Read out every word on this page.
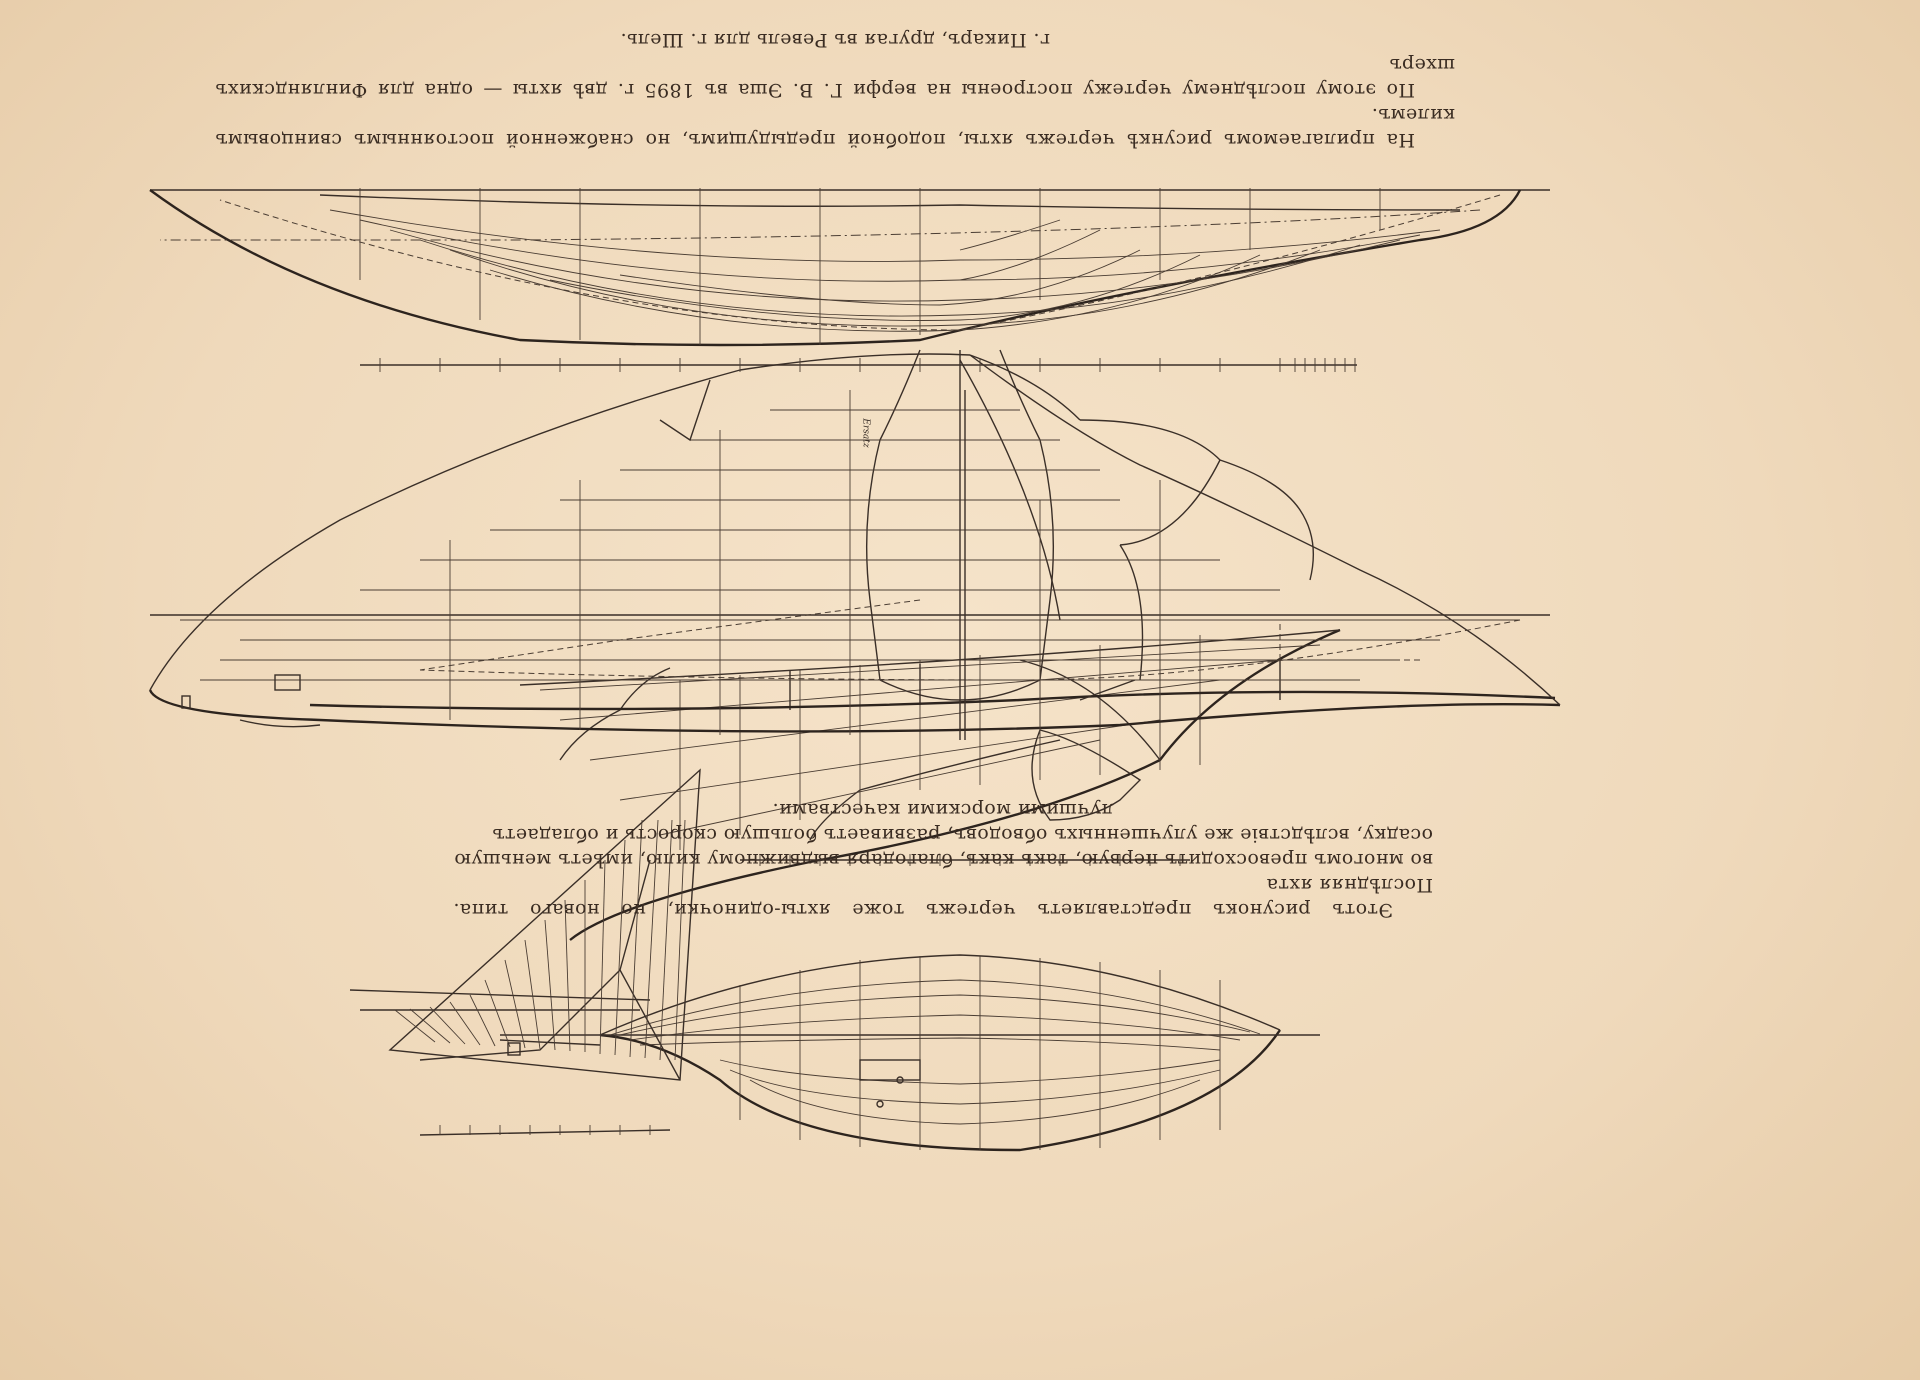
Этотъ рисунокъ представляетъ чертежъ тоже яхты-одиночки, но новаго типа. Послѣдняя яхта

во многомъ превосходитъ первую, такъ какъ, благодаря выдвижному килю, имѣетъ меньшую

осадку, вслѣдствіе же улучшенныхъ обводовъ, развиваетъ большую скорость и обладаетъ

лучшими морскими качествами.

Ersatz

На прилагаемомъ рисункѣ чертежъ яхты, подобной предыдущимъ, но снабженной постояннымъ свинцовымъ килемъ.

По этому послѣднему чертежу построены на верфи Г. В. Эша въ 1895 г. двѣ яхты — одна для Финляндскихъ шхеръ

г. Пикаръ, другая въ Ревель для г. Шель.
